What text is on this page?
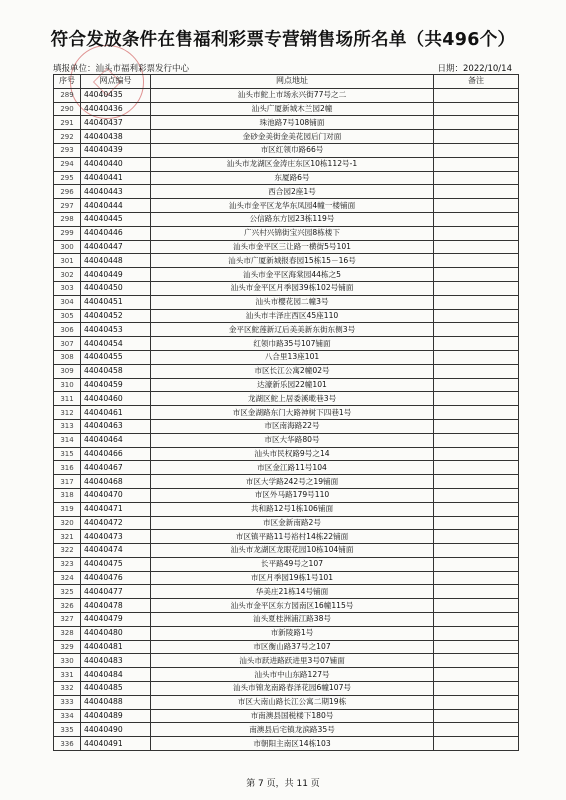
符合发放条件在售福利彩票专营销售场所名单（共496个）
填报单位：汕头市福利彩票发行中心	日期：2022/10/14
序号	网点编号	网点地址	备注
289	44040435	汕头市鮀上市场永兴街77号之二	
290	44040436	汕头广厦新城木兰园2幢	
291	44040437	珠池路7号108铺面	
292	44040438	金砂金美街金美花园后门对面	
293	44040439	市区红领巾路66号	
294	44040440	汕头市龙湖区金涛庄东区10栋112号-1	
295	44040441	东厦路6号	
296	44040443	西合园2座1号	
297	44040444	汕头市金平区龙华东凤园4幢一楼铺面	
298	44040445	公信路东方园23栋119号	
299	44040446	广兴村兴锦街宝兴园8栋楼下	
300	44040447	汕头市金平区三让路一横街5号101	
301	44040448	汕头市广厦新城报春园15栋15－16号	
302	44040449	汕头市金平区海棠园44栋之5	
303	44040450	汕头市金平区月季园39栋102号铺面	
304	44040451	汕头市樱花园二幢3号	
305	44040452	汕头市丰泽庄西区45座110	
306	44040453	金平区鮀莲新辽后美美新东街东侧3号	
307	44040454	红领巾路35号107铺面	
308	44040455	八合里13座101	
309	44040458	市区长江公寓2幢02号	
310	44040459	达濠新乐园22幢101	
311	44040460	龙湖区鮀上居委溪墘巷3号	
312	44040461	市区金湖路东门大路神树下四巷1号	
313	44040463	市区南海路22号	
314	44040464	市区大华路80号	
315	44040466	汕头市民权路9号之14	
316	44040467	市区金江路11号104	
317	44040468	市区大学路242号之19铺面	
318	44040470	市区外马路179号110	
319	44040471	共和路12号1栋106铺面	
320	44040472	市区金新南路2号	
321	44040473	市区镇平路11号裕村14栋22铺面	
322	44040474	汕头市龙湖区龙眼花园10栋104铺面	
323	44040475	长平路49号之107	
324	44040476	市区月季园19栋1号101	
325	44040477	华美庄21栋14号铺面	
326	44040478	汕头市金平区东方园南区16幢115号	
327	44040479	汕头夏桂洲浦江路38号	
328	44040480	市新陵路1号	
329	44040481	市区衡山路37号之107	
330	44040483	汕头市跃进路跃进里3号07铺面	
331	44040484	汕头市中山东路127号	
332	44040485	汕头市锦龙南路春泽花园6幢107号	
333	44040488	市区大南山路长江公寓二期19栋	
334	44040489	市南澳县国税楼下180号	
335	44040490	南澳县后宅镇龙滨路35号	
336	44040491	市朝阳主南区14栋103	
第 7 页，共 11 页
